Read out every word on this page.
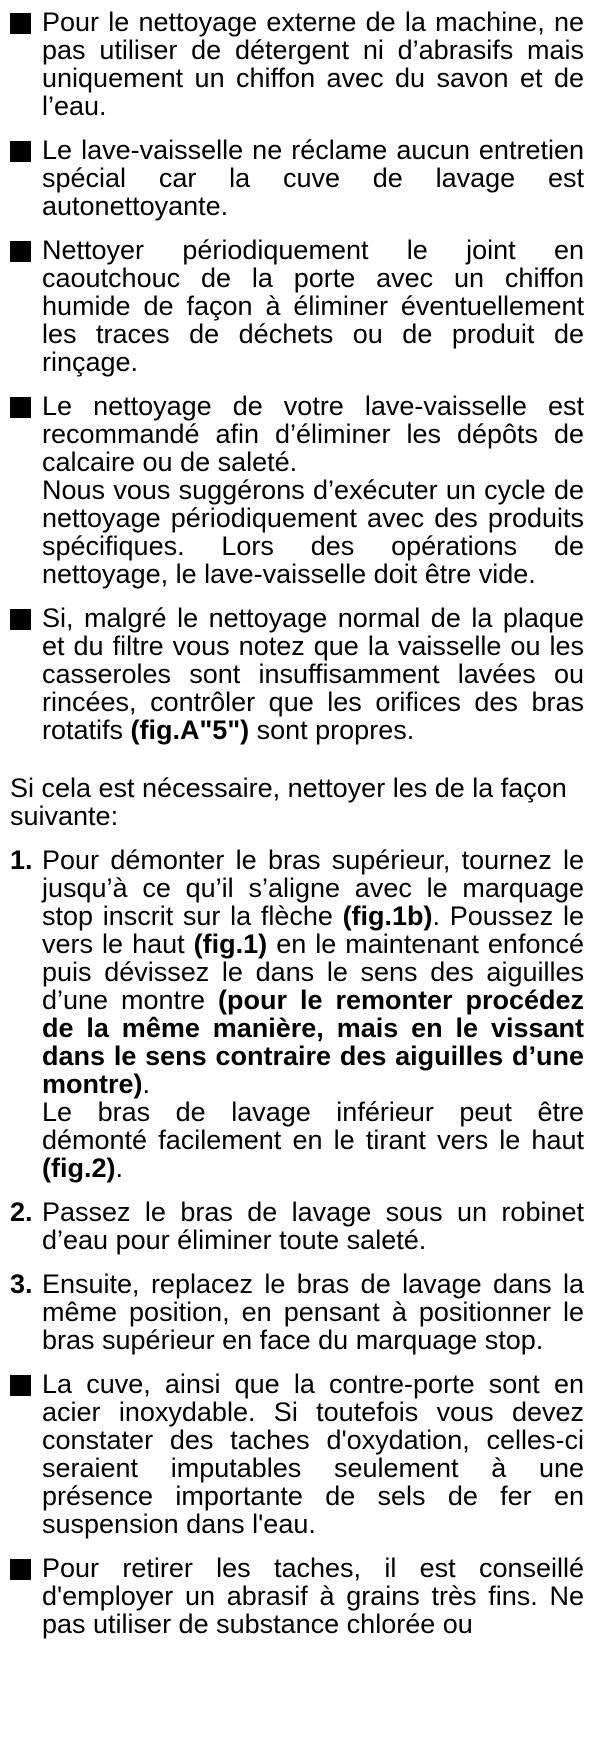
Pour le nettoyage externe de la machine, ne pas utiliser de détergent ni d’abrasifs mais uniquement un chiffon avec du savon et de l’eau.
Le lave-vaisselle ne réclame aucun entretien spécial car la cuve de lavage est autonettoyante.
Nettoyer périodiquement le joint en caoutchouc de la porte avec un chiffon humide de façon à éliminer éventuellement les traces de déchets ou de produit de rinçage.
Le nettoyage de votre lave-vaisselle est recommandé afin d’éliminer les dépôts de calcaire ou de saleté.
Nous vous suggérons d’exécuter un cycle de nettoyage périodiquement avec des produits spécifiques. Lors des opérations de nettoyage, le lave-vaisselle doit être vide.
Si, malgré le nettoyage normal de la plaque et du filtre vous notez que la vaisselle ou les casseroles sont insuffisamment lavées ou rincées, contrôler que les orifices des bras rotatifs (fig.A"5") sont propres.
Si cela est nécessaire, nettoyer les de la façon suivante:
1. Pour démonter le bras supérieur, tournez le jusqu’à ce qu’il s’aligne avec le marquage stop inscrit sur la flèche (fig.1b). Poussez le vers le haut (fig.1) en le maintenant enfoncé puis dévissez le dans le sens des aiguilles d’une montre (pour le remonter procédez de la même manière, mais en le vissant dans le sens contraire des aiguilles d’une montre).
Le bras de lavage inférieur peut être démonté facilement en le tirant vers le haut (fig.2).
2. Passez le bras de lavage sous un robinet d’eau pour éliminer toute saleté.
3. Ensuite, replacez le bras de lavage dans la même position, en pensant à positionner le bras supérieur en face du marquage stop.
La cuve, ainsi que la contre-porte sont en acier inoxydable. Si toutefois vous devez constater des taches d'oxydation, celles-ci seraient imputables seulement à une présence importante de sels de fer en suspension dans l'eau.
Pour retirer les taches, il est conseillé d'employer un abrasif à grains très fins. Ne pas utiliser de substance chlorée ou
